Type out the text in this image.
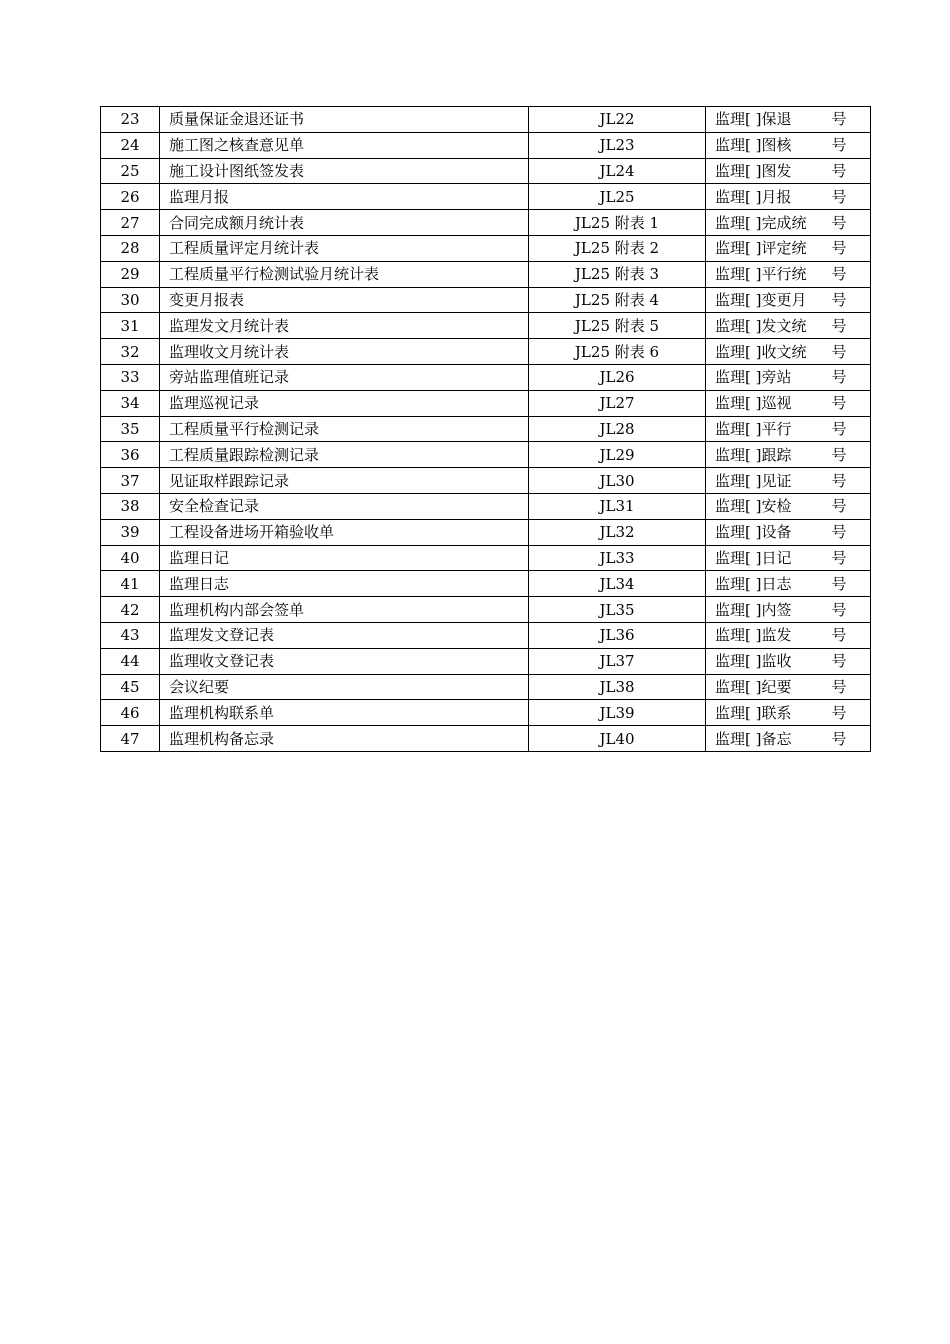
23	质量保证金退还证书	JL22	监理[ ]保退 号
24	施工图之核查意见单	JL23	监理[ ]图核 号
25	施工设计图纸签发表	JL24	监理[ ]图发 号
26	监理月报	JL25	监理[ ]月报 号
27	合同完成额月统计表	JL25 附表 1	监理[ ]完成统 号
28	工程质量评定月统计表	JL25 附表 2	监理[ ]评定统 号
29	工程质量平行检测试验月统计表	JL25 附表 3	监理[ ]平行统 号
30	变更月报表	JL25 附表 4	监理[ ]变更月 号
31	监理发文月统计表	JL25 附表 5	监理[ ]发文统 号
32	监理收文月统计表	JL25 附表 6	监理[ ]收文统 号
33	旁站监理值班记录	JL26	监理[ ]旁站 号
34	监理巡视记录	JL27	监理[ ]巡视 号
35	工程质量平行检测记录	JL28	监理[ ]平行 号
36	工程质量跟踪检测记录	JL29	监理[ ]跟踪 号
37	见证取样跟踪记录	JL30	监理[ ]见证 号
38	安全检查记录	JL31	监理[ ]安检 号
39	工程设备进场开箱验收单	JL32	监理[ ]设备 号
40	监理日记	JL33	监理[ ]日记 号
41	监理日志	JL34	监理[ ]日志 号
42	监理机构内部会签单	JL35	监理[ ]内签 号
43	监理发文登记表	JL36	监理[ ]监发 号
44	监理收文登记表	JL37	监理[ ]监收 号
45	会议纪要	JL38	监理[ ]纪要 号
46	监理机构联系单	JL39	监理[ ]联系 号
47	监理机构备忘录	JL40	监理[ ]备忘 号
